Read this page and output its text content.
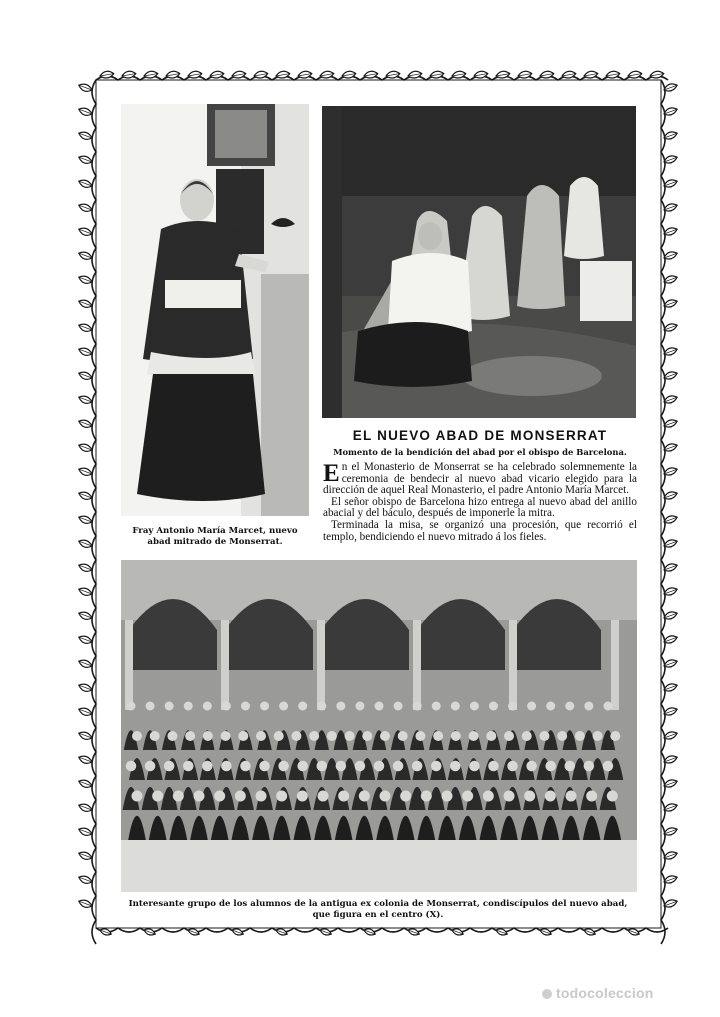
Fray Antonio María Marcet, nuevo abad mitrado de Monserrat.
EL NUEVO ABAD DE MONSERRAT
Momento de la bendición del abad por el obispo de Barcelona.

En el Monasterio de Monserrat se ha celebrado solemnemente la ceremonia de bendecir al nuevo abad vicario elegido para la dirección de aquel Real Monasterio, el padre Antonio María Marcet.

El señor obispo de Barcelona hizo entrega al nuevo abad del anillo abacial y del báculo, después de imponerle la mitra.

Terminada la misa, se organizó una procesión, que recorrió el templo, bendiciendo el nuevo mitrado á los fieles.

Interesante grupo de los alumnos de la antigua ex colonia de Monserrat, condiscípulos del nuevo abad, que figura en el centro (X).
todocoleccion
